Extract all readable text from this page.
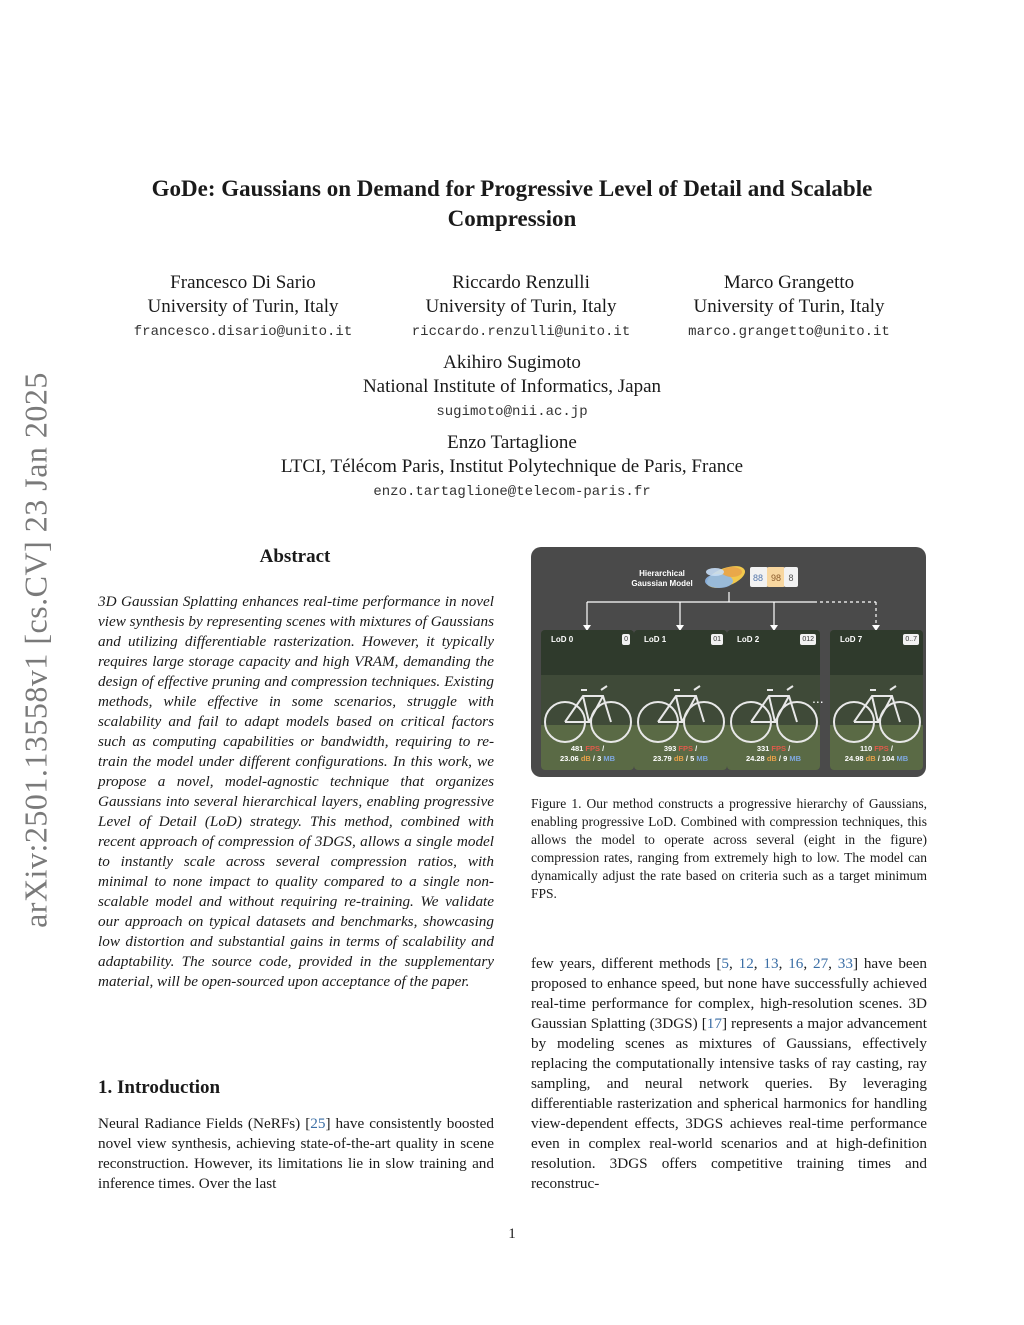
arXiv:2501.13558v1 [cs.CV] 23 Jan 2025
GoDe: Gaussians on Demand for Progressive Level of Detail and Scalable Compression
Francesco Di Sario
University of Turin, Italy
francesco.disario@unito.it
Riccardo Renzulli
University of Turin, Italy
riccardo.renzulli@unito.it
Marco Grangetto
University of Turin, Italy
marco.grangetto@unito.it
Akihiro Sugimoto
National Institute of Informatics, Japan
sugimoto@nii.ac.jp
Enzo Tartaglione
LTCI, Télécom Paris, Institut Polytechnique de Paris, France
enzo.tartaglione@telecom-paris.fr
Abstract
3D Gaussian Splatting enhances real-time performance in novel view synthesis by representing scenes with mixtures of Gaussians and utilizing differentiable rasterization. However, it typically requires large storage capacity and high VRAM, demanding the design of effective pruning and compression techniques. Existing methods, while effective in some scenarios, struggle with scalability and fail to adapt models based on critical factors such as computing capabilities or bandwidth, requiring to re-train the model under different configurations. In this work, we propose a novel, model-agnostic technique that organizes Gaussians into several hierarchical layers, enabling progressive Level of Detail (LoD) strategy. This method, combined with recent approach of compression of 3DGS, allows a single model to instantly scale across several compression ratios, with minimal to none impact to quality compared to a single non-scalable model and without requiring re-training. We validate our approach on typical datasets and benchmarks, showcasing low distortion and substantial gains in terms of scalability and adaptability. The source code, provided in the supplementary material, will be open-sourced upon acceptance of the paper.
1. Introduction
Neural Radiance Fields (NeRFs) [25] have consistently boosted novel view synthesis, achieving state-of-the-art quality in scene reconstruction. However, its limitations lie in slow training and inference times. Over the last
Hierarchical
Gaussian Model
88 98 8
LoD 0	0
481 FPS /
23.06 dB / 3 MB
LoD 1	01
393 FPS /
23.79 dB / 5 MB
LoD 2	012
331 FPS /
24.28 dB / 9 MB
...
LoD 7	0..7
110 FPS /
24.98 dB / 104 MB
Figure 1. Our method constructs a progressive hierarchy of Gaussians, enabling progressive LoD. Combined with compression techniques, this allows the model to operate across several (eight in the figure) compression rates, ranging from extremely high to low. The model can dynamically adjust the rate based on criteria such as a target minimum FPS.
few years, different methods [5, 12, 13, 16, 27, 33] have been proposed to enhance speed, but none have successfully achieved real-time performance for complex, high-resolution scenes. 3D Gaussian Splatting (3DGS) [17] represents a major advancement by modeling scenes as mixtures of Gaussians, effectively replacing the computationally intensive tasks of ray casting, ray sampling, and neural network queries. By leveraging differentiable rasterization and spherical harmonics for handling view-dependent effects, 3DGS achieves real-time performance even in complex real-world scenarios and at high-definition resolution. 3DGS offers competitive training times and reconstruc-
1
